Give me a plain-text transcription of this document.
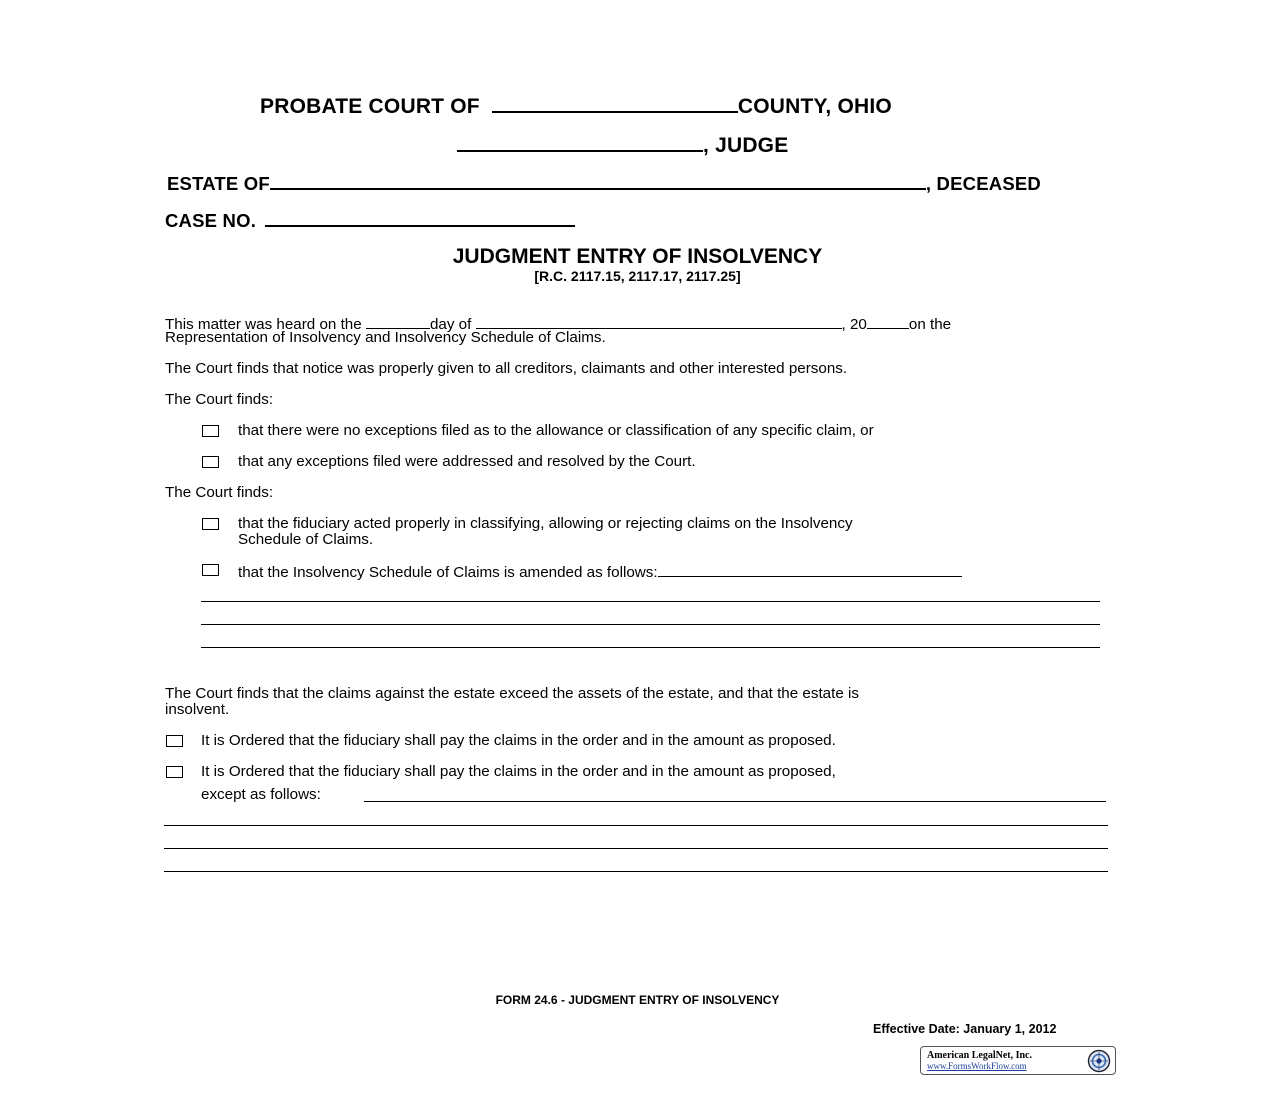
PROBATE COURT OF	COUNTY, OHIO
, JUDGE
ESTATE OF	, DECEASED
CASE NO.
JUDGMENT ENTRY OF INSOLVENCY
[R.C. 2117.15, 2117.17, 2117.25]
This matter was heard on the	day of	, 20	on the
Representation of Insolvency and Insolvency Schedule of Claims.
The Court finds that notice was properly given to all creditors, claimants and other interested persons.
The Court finds:
that there were no exceptions filed as to the allowance or classification of any specific claim, or
that any exceptions filed were addressed and resolved by the Court.
The Court finds:
that the fiduciary acted properly in classifying, allowing or rejecting claims on the Insolvency
Schedule of Claims.
that the Insolvency Schedule of Claims is amended as follows:
The Court finds that the claims against the estate exceed the assets of the estate, and that the estate is
insolvent.
It is Ordered that the fiduciary shall pay the claims in the order and in the amount as proposed.
It is Ordered that the fiduciary shall pay the claims in the order and in the amount as proposed,
except as follows:
FORM 24.6 - JUDGMENT ENTRY OF INSOLVENCY
Effective Date: January 1, 2012
American LegalNet, Inc.
www.FormsWorkFlow.com
